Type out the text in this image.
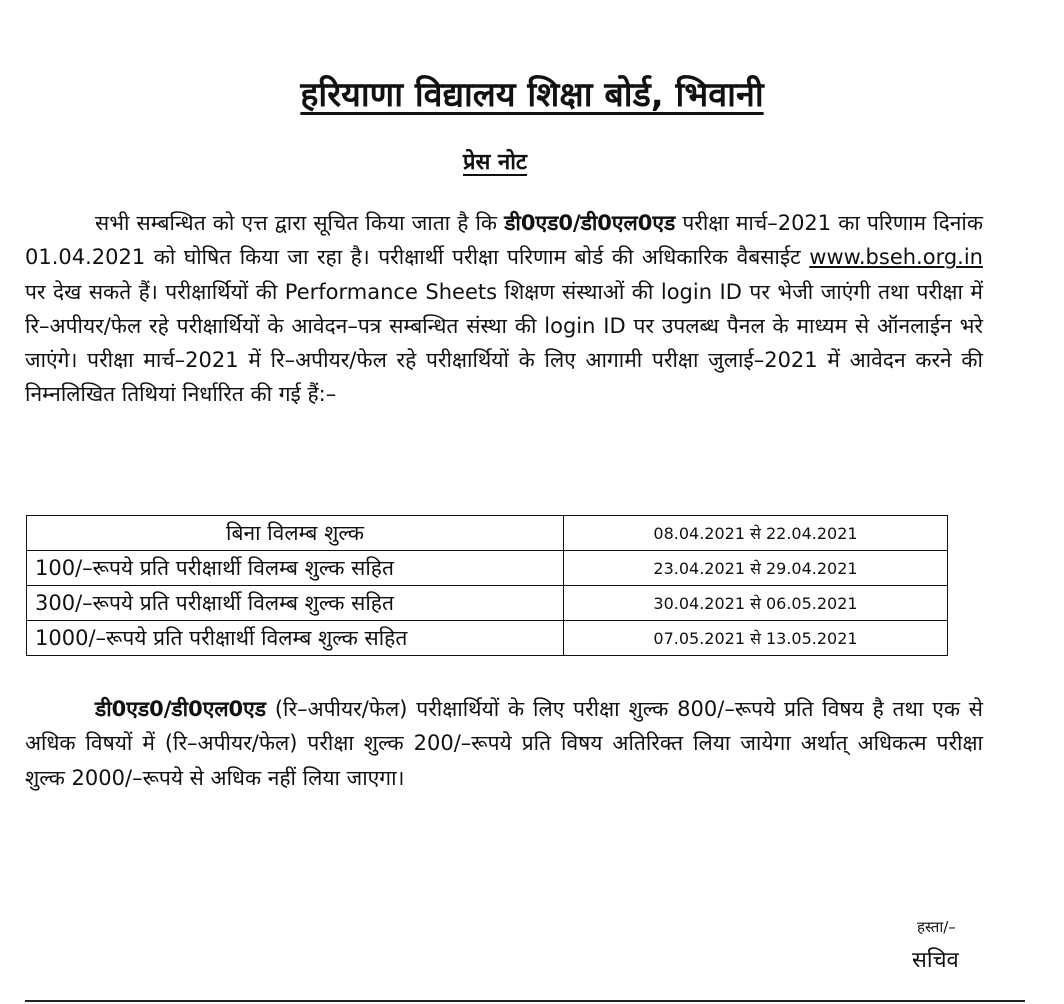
हरियाणा विद्यालय शिक्षा बोर्ड, भिवानी
प्रेस नोट
सभी सम्बन्धित को एत्त द्वारा सूचित किया जाता है कि डी0एड0/डी0एल0एड परीक्षा मार्च–2021 का परिणाम दिनांक 01.04.2021 को घोषित किया जा रहा है। परीक्षार्थी परीक्षा परिणाम बोर्ड की अधिकारिक वैबसाईट www.bseh.org.in पर देख सकते हैं। परीक्षार्थियों की Performance Sheets शिक्षण संस्थाओं की login ID पर भेजी जाएंगी तथा परीक्षा में रि–अपीयर/फेल रहे परीक्षार्थियों के आवेदन–पत्र सम्बन्धित संस्था की login ID पर उपलब्ध पैनल के माध्यम से ऑनलाईन भरे जाएंगे। परीक्षा मार्च–2021 में रि–अपीयर/फेल रहे परीक्षार्थियों के लिए आगामी परीक्षा जुलाई–2021 में आवेदन करने की निम्नलिखित तिथियां निर्धारित की गई हैं:–
बिना विलम्ब शुल्क	08.04.2021 से 22.04.2021
100/–रूपये प्रति परीक्षार्थी विलम्ब शुल्क सहित	23.04.2021 से 29.04.2021
300/–रूपये प्रति परीक्षार्थी विलम्ब शुल्क सहित	30.04.2021 से 06.05.2021
1000/–रूपये प्रति परीक्षार्थी विलम्ब शुल्क सहित	07.05.2021 से 13.05.2021
डी0एड0/डी0एल0एड (रि–अपीयर/फेल) परीक्षार्थियों के लिए परीक्षा शुल्क 800/–रूपये प्रति विषय है तथा एक से अधिक विषयों में (रि–अपीयर/फेल) परीक्षा शुल्क 200/–रूपये प्रति विषय अतिरिक्त लिया जायेगा अर्थात् अधिकत्म परीक्षा शुल्क 2000/–रूपये से अधिक नहीं लिया जाएगा।
हस्ता/–
सचिव
